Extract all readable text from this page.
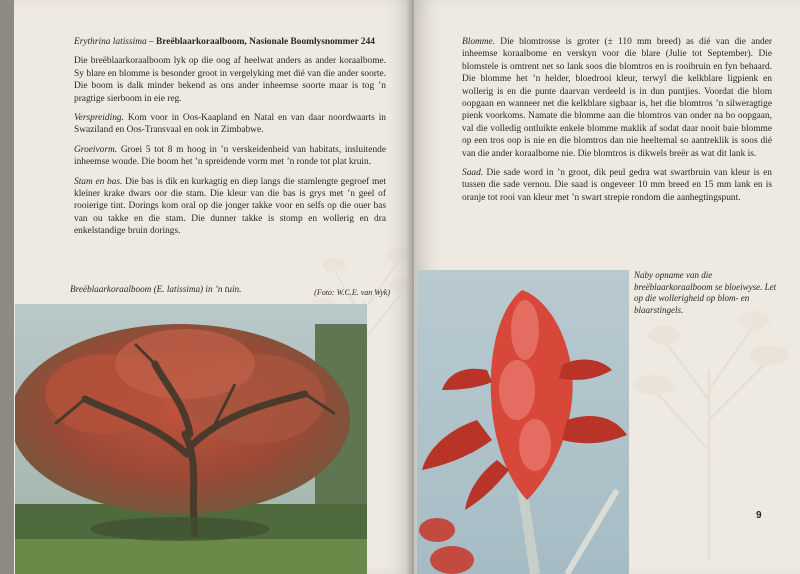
Erythrina latissima – Breëblaarkoraalboom, Nasionale Boomlysnommer 244

Die breëblaarkoraalboom lyk op die oog af heelwat anders as ander koraalbome. Sy blare en blomme is besonder groot in vergelyking met dié van die ander soorte. Die boom is dalk minder bekend as ons ander inheemse soorte maar is tog ’n pragtige sierboom in eie reg.

Verspreiding. Kom voor in Oos-Kaapland en Natal en van daar noordwaarts in Swaziland en Oos-Transvaal en ook in Zimbabwe.

Groeivorm. Groei 5 tot 8 m hoog in ’n verskeidenheid van habitats, insluitende inheemse woude. Die boom het ’n spreidende vorm met ’n ronde tot plat kruin.

Stam en bas. Die bas is dik en kurkagtig en diep langs die stamlengte gegroef met kleiner krake dwars oor die stam. Die kleur van die bas is grys met ’n geel of rooierige tint. Dorings kom oral op die jonger takke voor en selfs op die ouer bas van ou takke en die stam. Die dunner takke is stomp en wollerig en dra enkelstandige bruin dorings.

Breëblaarkoraalboom (E. latissima) in ’n tuin.	(Foto: W.C.E. van Wyk)

Blomme. Die blomtrosse is groter (± 110 mm breed) as dié van die ander inheemse koraalbome en verskyn voor die blare (Julie tot September). Die blomstele is omtrent net so lank soos die blomtros en is rooibruin en fyn behaard. Die blomme het ’n helder, bloedrooi kleur, terwyl die kelkblare ligpienk en wollerig is en die punte daarvan verdeeld is in dun puntjies. Voordat die blom oopgaan en wanneer net die kelkblare sigbaar is, het die blomtros ’n silweragtige pienk voorkoms. Namate die blomme aan die blomtros van onder na bo oopgaan, val die volledig ontluikte enkele blomme maklik af sodat daar nooit baie blomme op een tros oop is nie en die blomtros dan nie heeltemal so aantreklik is soos dié van die ander koraalbome nie. Die blomtros is dikwels breër as wat dit lank is.

Saad. Die sade word in ’n groot, dik peul gedra wat swartbruin van kleur is en tussen die sade vernou. Die saad is ongeveer 10 mm breed en 15 mm lank en is oranje tot rooi van kleur met ’n swart strepie rondom die aanhegtingspunt.

Naby opname van die breëblaarkoraalboom se bloeiwyse. Let op die wollerigheid op blom- en blaarstingels.
9
